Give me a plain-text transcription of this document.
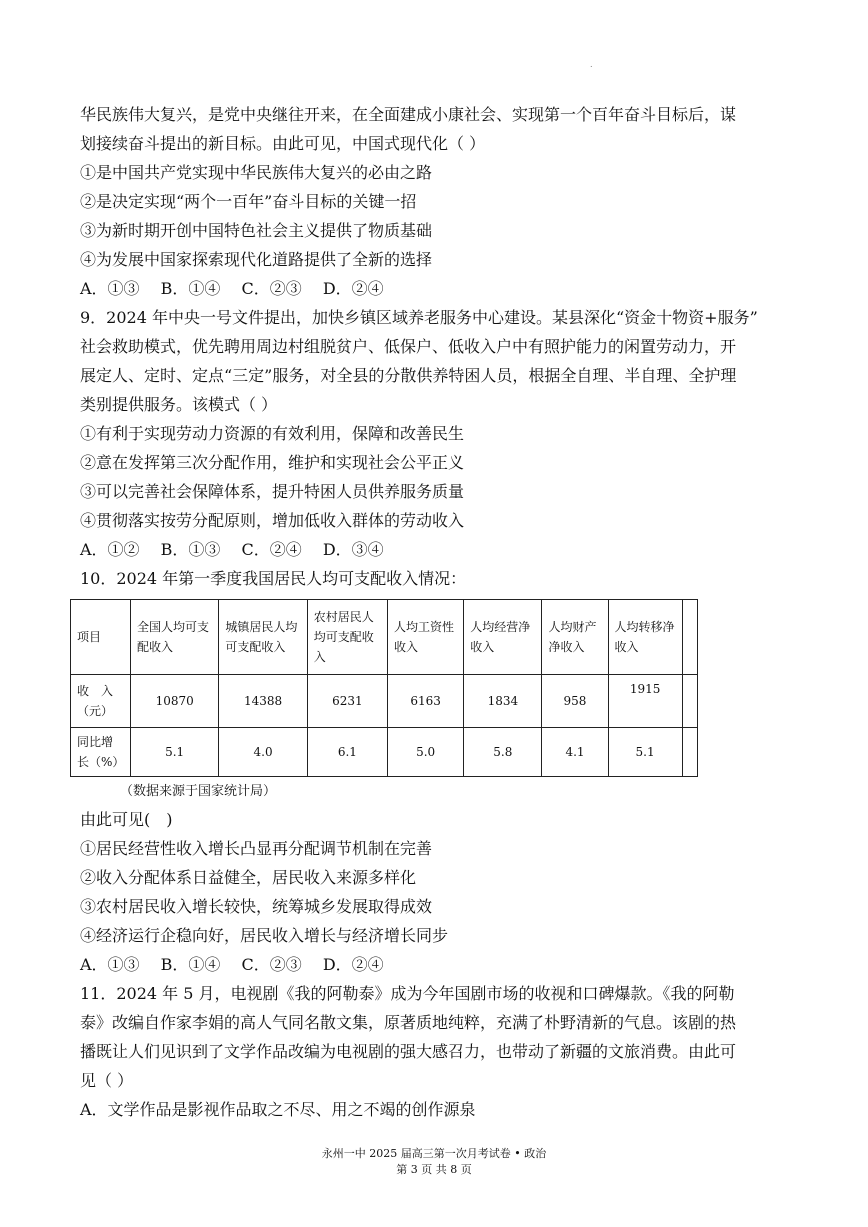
.

华民族伟大复兴，是党中央继往开来，在全面建成小康社会、实现第一个百年奋斗目标后，谋

划接续奋斗提出的新目标。由此可见，中国式现代化（ ）

①是中国共产党实现中华民族伟大复兴的必由之路

②是决定实现“两个一百年”奋斗目标的关键一招

③为新时期开创中国特色社会主义提供了物质基础

④为发展中国家探索现代化道路提供了全新的选择

A．①③　 B．①④　 C．②③　 D．②④

9．2024 年中央一号文件提出，加快乡镇区域养老服务中心建设。某县深化“资金十物资+服务”

社会救助模式，优先聘用周边村组脱贫户、低保户、低收入户中有照护能力的闲置劳动力，开

展定人、定时、定点“三定”服务，对全县的分散供养特困人员，根据全自理、半自理、全护理

类别提供服务。该模式（ ）

①有利于实现劳动力资源的有效利用，保障和改善民生

②意在发挥第三次分配作用，维护和实现社会公平正义

③可以完善社会保障体系，提升特困人员供养服务质量

④贯彻落实按劳分配原则，增加低收入群体的劳动收入

A．①②　 B．①③　 C．②④　 D．③④

10．2024 年第一季度我国居民人均可支配收入情况：

项目	全国人均可支配收入	城镇居民人均可支配收入	农村居民人均可支配收入	人均工资性收入	人均经营净收入	人均财产净收入	人均转移净收入	
收　入（元）	10870	14388	6231	6163	1834	958	1915	
同比增长（%）	5.1	4.0	6.1	5.0	5.8	4.1	5.1	
（数据来源于国家统计局）

由此可见(　)

①居民经营性收入增长凸显再分配调节机制在完善

②收入分配体系日益健全，居民收入来源多样化

③农村居民收入增长较快，统筹城乡发展取得成效

④经济运行企稳向好，居民收入增长与经济增长同步

A．①③　 B．①④　 C．②③　 D．②④

11．2024 年 5 月，电视剧《我的阿勒泰》成为今年国剧市场的收视和口碑爆款。《我的阿勒

泰》改编自作家李娟的高人气同名散文集，原著质地纯粹，充满了朴野清新的气息。该剧的热

播既让人们见识到了文学作品改编为电视剧的强大感召力，也带动了新疆的文旅消费。由此可

见（ ）

A．文学作品是影视作品取之不尽、用之不竭的创作源泉

永州一中 2025 届高三第一次月考试卷 • 政治
第 3 页 共 8 页
